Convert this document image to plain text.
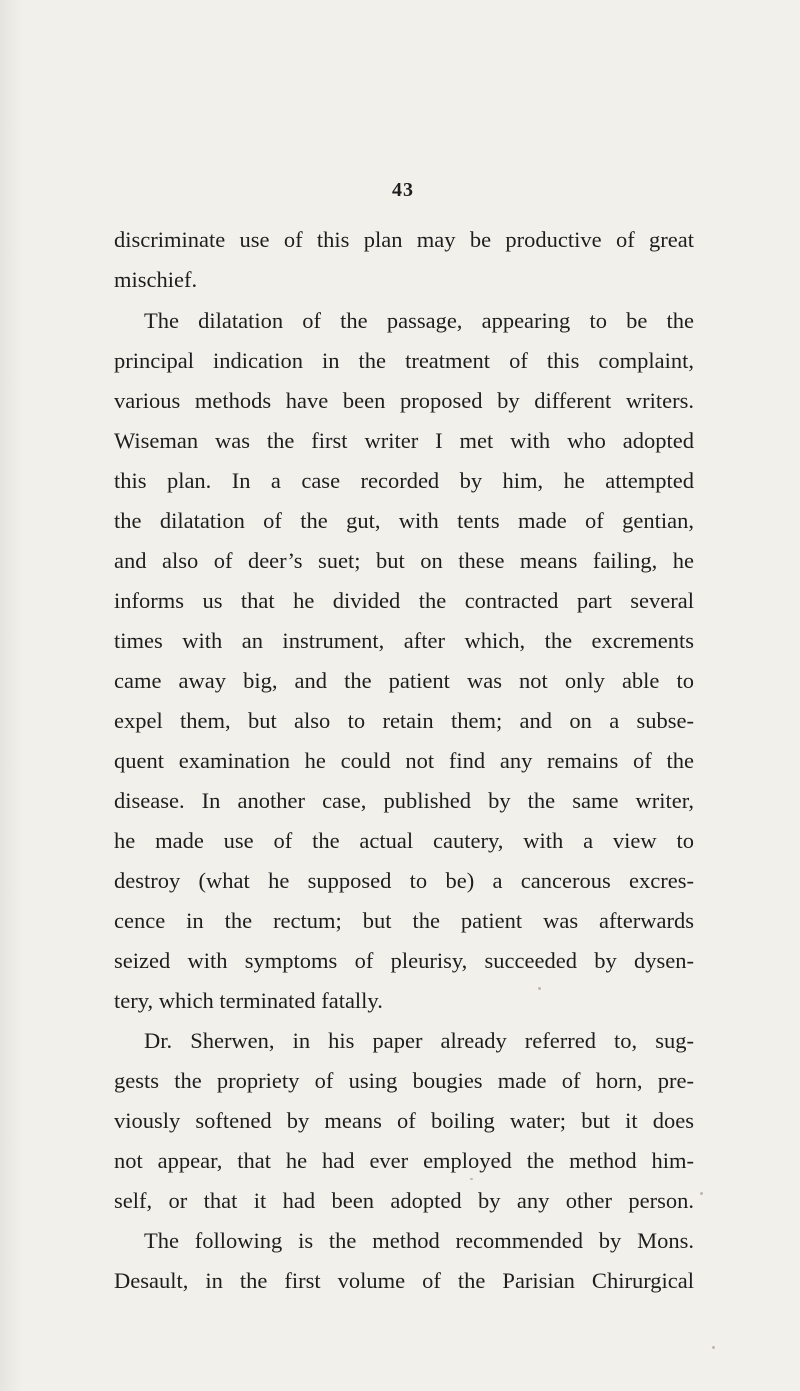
43
discriminate use of this plan may be productive of great
mischief.
The dilatation of the passage, appearing to be the
principal indication in the treatment of this complaint,
various methods have been proposed by different writers.
Wiseman was the first writer I met with who adopted
this plan. In a case recorded by him, he attempted
the dilatation of the gut, with tents made of gentian,
and also of deer’s suet; but on these means failing, he
informs us that he divided the contracted part several
times with an instrument, after which, the excrements
came away big, and the patient was not only able to
expel them, but also to retain them; and on a subse-
quent examination he could not find any remains of the
disease. In another case, published by the same writer,
he made use of the actual cautery, with a view to
destroy (what he supposed to be) a cancerous excres-
cence in the rectum; but the patient was afterwards
seized with symptoms of pleurisy, succeeded by dysen-
tery, which terminated fatally.
Dr. Sherwen, in his paper already referred to, sug-
gests the propriety of using bougies made of horn, pre-
viously softened by means of boiling water; but it does
not appear, that he had ever employed the method him-
self, or that it had been adopted by any other person.
The following is the method recommended by Mons.
Desault, in the first volume of the Parisian Chirurgical
